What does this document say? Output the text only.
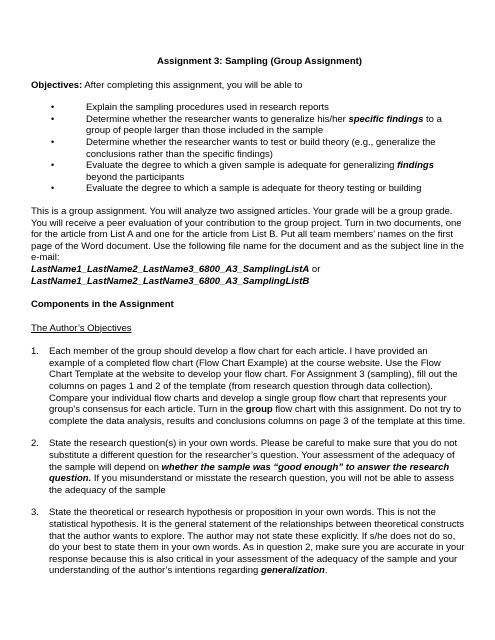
Assignment 3: Sampling (Group Assignment)

Objectives: After completing this assignment, you will be able to

•	Explain the sampling procedures used in research reports
•	Determine whether the researcher wants to generalize his/her specific findings to a group of people larger than those included in the sample
•	Determine whether the researcher wants to test or build theory (e.g., generalize the conclusions rather than the specific findings)
•	Evaluate the degree to which a given sample is adequate for generalizing findings beyond the participants
•	Evaluate the degree to which a sample is adequate for theory testing or building

This is a group assignment. You will analyze two assigned articles. Your grade will be a group grade. You will receive a peer evaluation of your contribution to the group project. Turn in two documents, one for the article from List A and one for the article from List B. Put all team members’ names on the first page of the Word document. Use the following file name for the document and as the subject line in the e-mail:
LastName1_LastName2_LastName3_6800_A3_SamplingListA or
LastName1_LastName2_LastName3_6800_A3_SamplingListB

Components in the Assignment

The Author’s Objectives

1. Each member of the group should develop a flow chart for each article. I have provided an example of a completed flow chart (Flow Chart Example) at the course website. Use the Flow Chart Template at the website to develop your flow chart. For Assignment 3 (sampling), fill out the columns on pages 1 and 2 of the template (from research question through data collection). Compare your individual flow charts and develop a single group flow chart that represents your group’s consensus for each article. Turn in the group flow chart with this assignment. Do not try to complete the data analysis, results and conclusions columns on page 3 of the template at this time.
2. State the research question(s) in your own words. Please be careful to make sure that you do not substitute a different question for the researcher’s question. Your assessment of the adequacy of the sample will depend on whether the sample was “good enough” to answer the research question. If you misunderstand or misstate the research question, you will not be able to assess the adequacy of the sample
3. State the theoretical or research hypothesis or proposition in your own words. This is not the statistical hypothesis. It is the general statement of the relationships between theoretical constructs that the author wants to explore. The author may not state these explicitly. If s/he does not do so, do your best to state them in your own words. As in question 2, make sure you are accurate in your response because this is also critical in your assessment of the adequacy of the sample and your understanding of the author’s intentions regarding generalization.
